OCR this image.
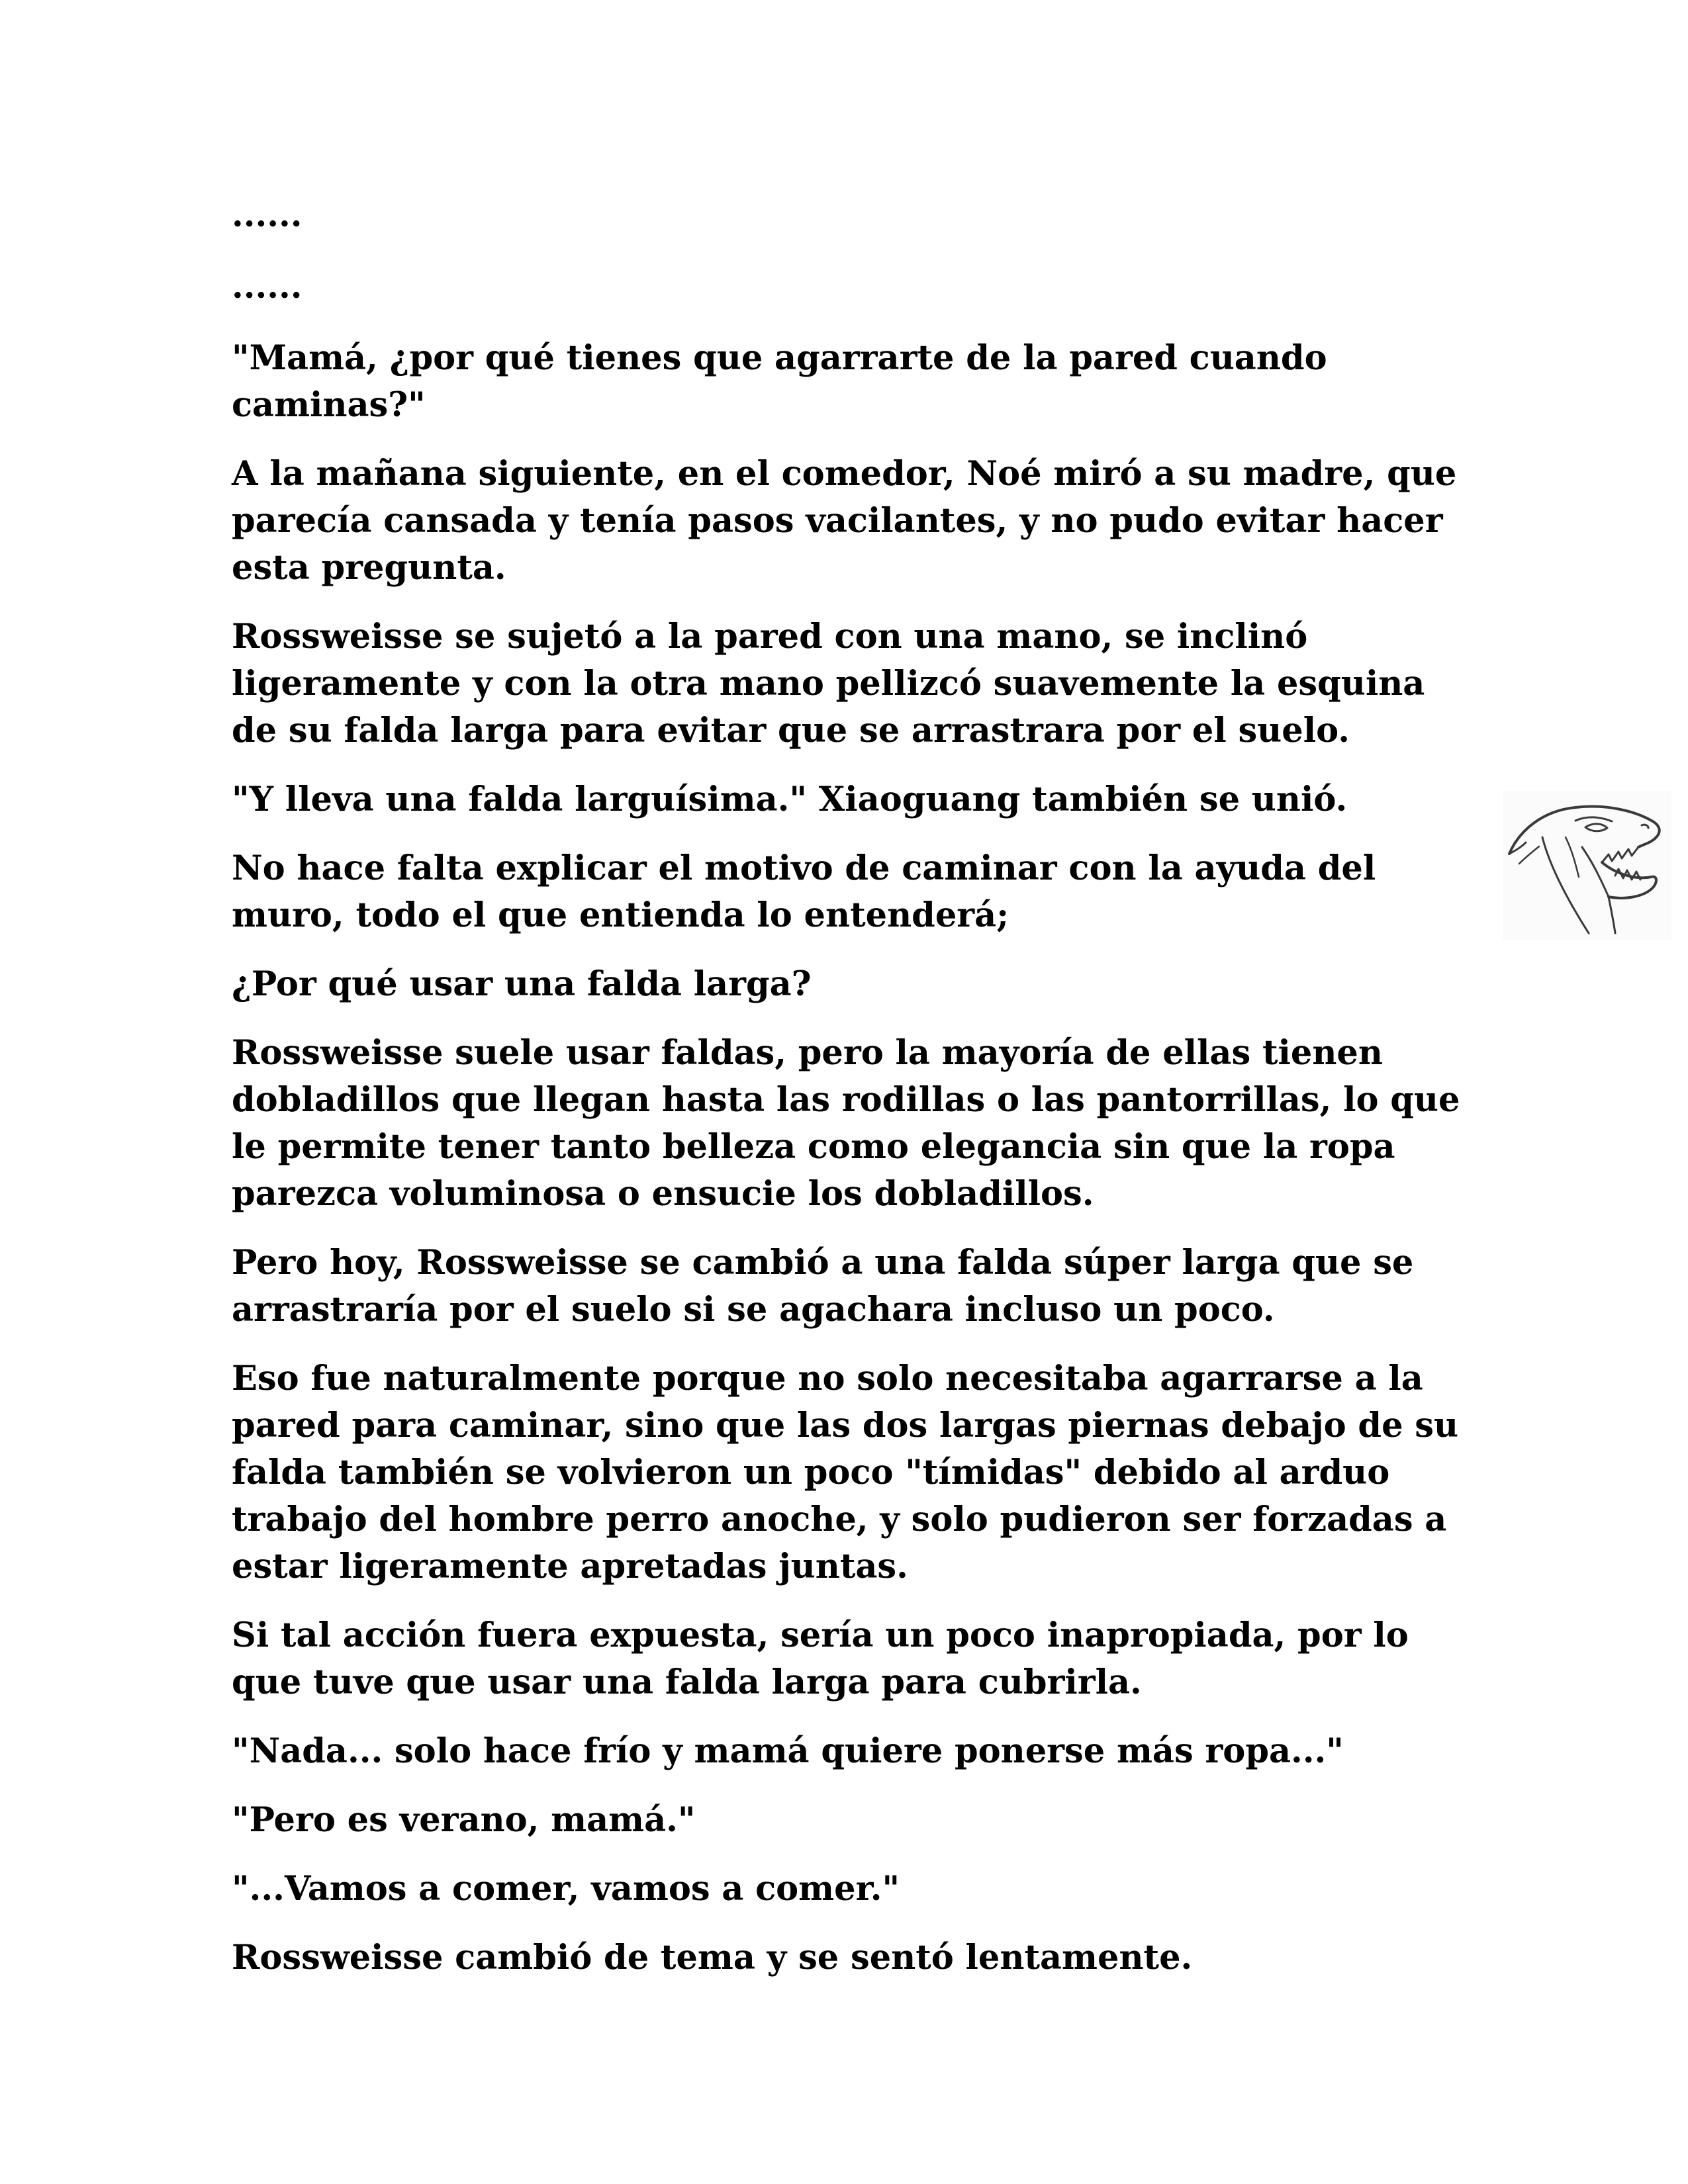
......

......

"Mamá, ¿por qué tienes que agarrarte de la pared cuando caminas?"

A la mañana siguiente, en el comedor, Noé miró a su madre, que parecía cansada y tenía pasos vacilantes, y no pudo evitar hacer esta pregunta.

Rossweisse se sujetó a la pared con una mano, se inclinó ligeramente y con la otra mano pellizcó suavemente la esquina de su falda larga para evitar que se arrastrara por el suelo.

"Y lleva una falda larguísima." Xiaoguang también se unió.

No hace falta explicar el motivo de caminar con la ayuda del muro, todo el que entienda lo entenderá;

¿Por qué usar una falda larga?

Rossweisse suele usar faldas, pero la mayoría de ellas tienen dobladillos que llegan hasta las rodillas o las pantorrillas, lo que le permite tener tanto belleza como elegancia sin que la ropa parezca voluminosa o ensucie los dobladillos.

Pero hoy, Rossweisse se cambió a una falda súper larga que se arrastraría por el suelo si se agachara incluso un poco.

Eso fue naturalmente porque no solo necesitaba agarrarse a la pared para caminar, sino que las dos largas piernas debajo de su falda también se volvieron un poco "tímidas" debido al arduo trabajo del hombre perro anoche, y solo pudieron ser forzadas a estar ligeramente apretadas juntas.

Si tal acción fuera expuesta, sería un poco inapropiada, por lo que tuve que usar una falda larga para cubrirla.

"Nada... solo hace frío y mamá quiere ponerse más ropa..."

"Pero es verano, mamá."

"...Vamos a comer, vamos a comer."

Rossweisse cambió de tema y se sentó lentamente.
